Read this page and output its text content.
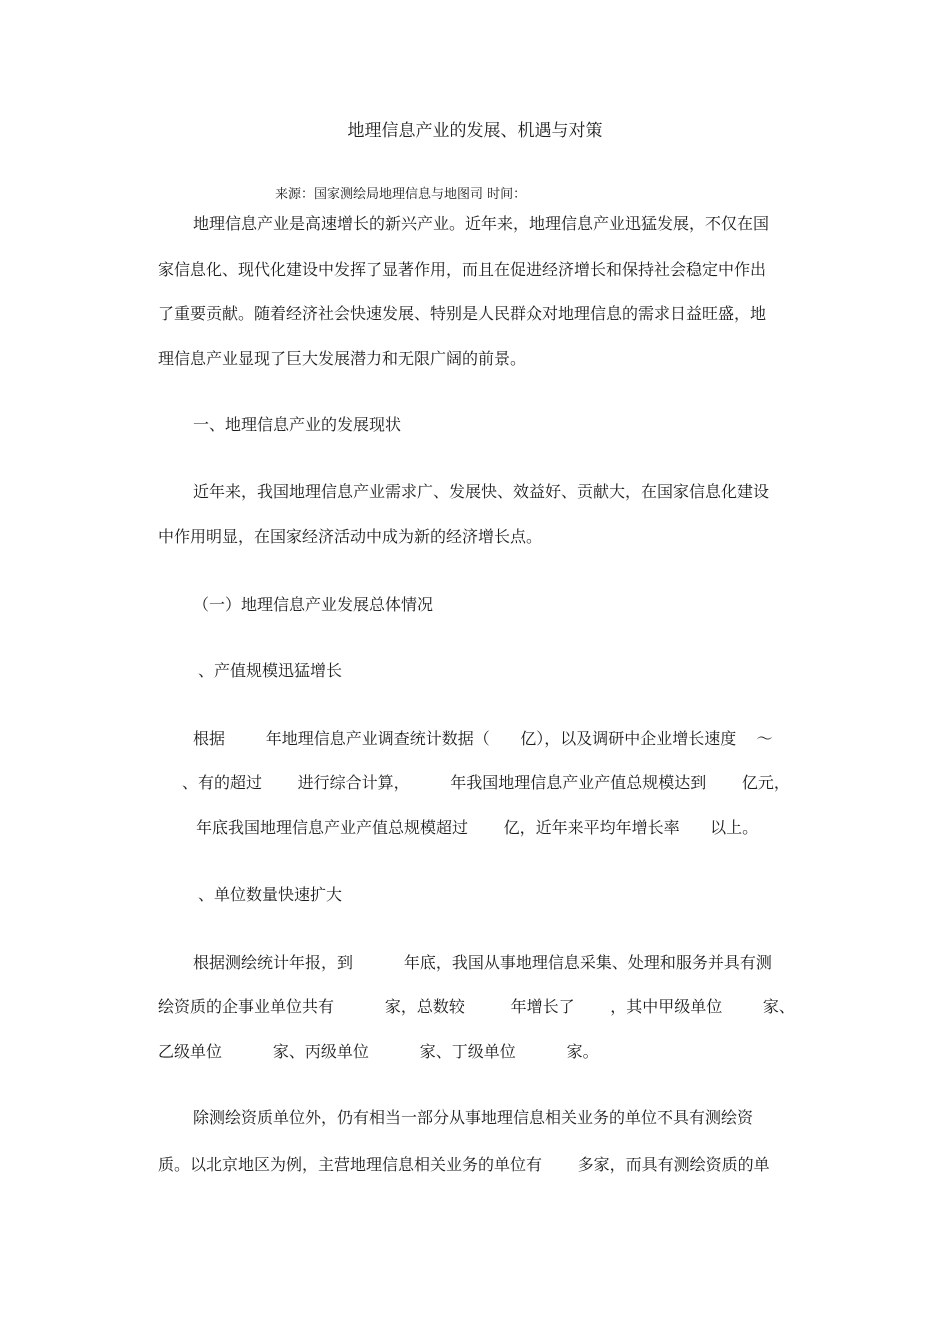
地理信息产业的发展、机遇与对策
来源：国家测绘局地理信息与地图司 时间：
地理信息产业是高速增长的新兴产业。近年来，地理信息产业迅猛发展，不仅在国
家信息化、现代化建设中发挥了显著作用，而且在促进经济增长和保持社会稳定中作出
了重要贡献。随着经济社会快速发展、特别是人民群众对地理信息的需求日益旺盛，地
理信息产业显现了巨大发展潜力和无限广阔的前景。
一、地理信息产业的发展现状
近年来，我国地理信息产业需求广、发展快、效益好、贡献大，在国家信息化建设
中作用明显，在国家经济活动中成为新的经济增长点。
（一）地理信息产业发展总体情况
、产值规模迅猛增长
根据        年地理信息产业调查统计数据（      亿），以及调研中企业增长速度    ～
、有的超过       进行综合计算，        年我国地理信息产业产值总规模达到       亿元，
年底我国地理信息产业产值总规模超过       亿，近年来平均年增长率      以上。
、单位数量快速扩大
根据测绘统计年报，到          年底，我国从事地理信息采集、处理和服务并具有测
绘资质的企事业单位共有          家，总数较         年增长了       ，其中甲级单位        家、
乙级单位          家、丙级单位          家、丁级单位          家。
除测绘资质单位外，仍有相当一部分从事地理信息相关业务的单位不具有测绘资
质。以北京地区为例，主营地理信息相关业务的单位有       多家，而具有测绘资质的单
